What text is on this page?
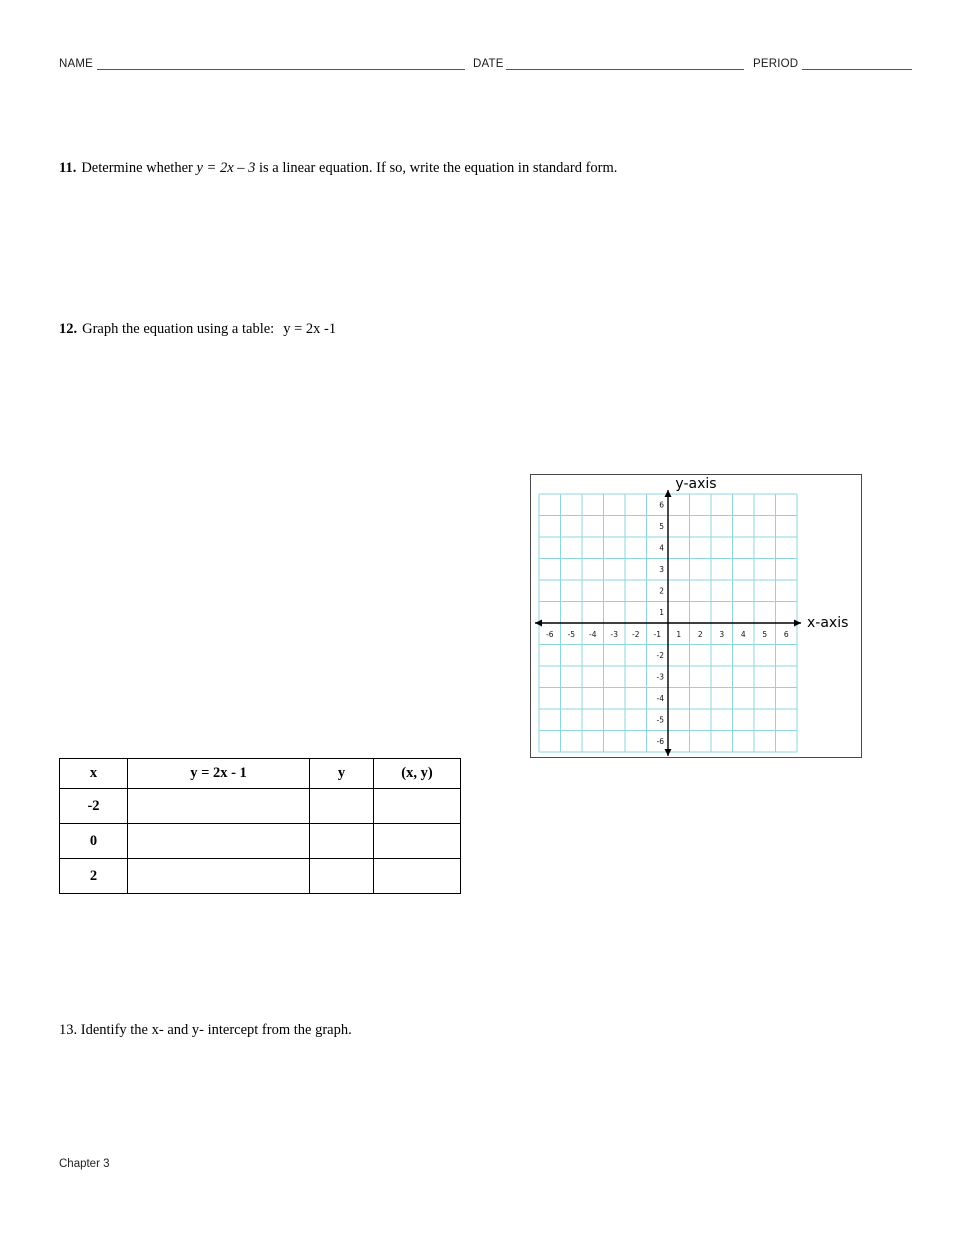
NAME	DATE	PERIOD

11. Determine whether y = 2x – 3 is a linear equation. If so, write the equation in standard form.

12. Graph the equation using a table: y = 2x -1

y-axis
-6 -5 -4 -3 -2 -1 1 2 3 4 5 6
6
5
4
3
2
1
-2
-3
-4
-5
-6
x-axis
x	y = 2x - 1	y	(x, y)
-2			
0			
2			

13. Identify the x- and y- intercept from the graph.

Chapter 3
